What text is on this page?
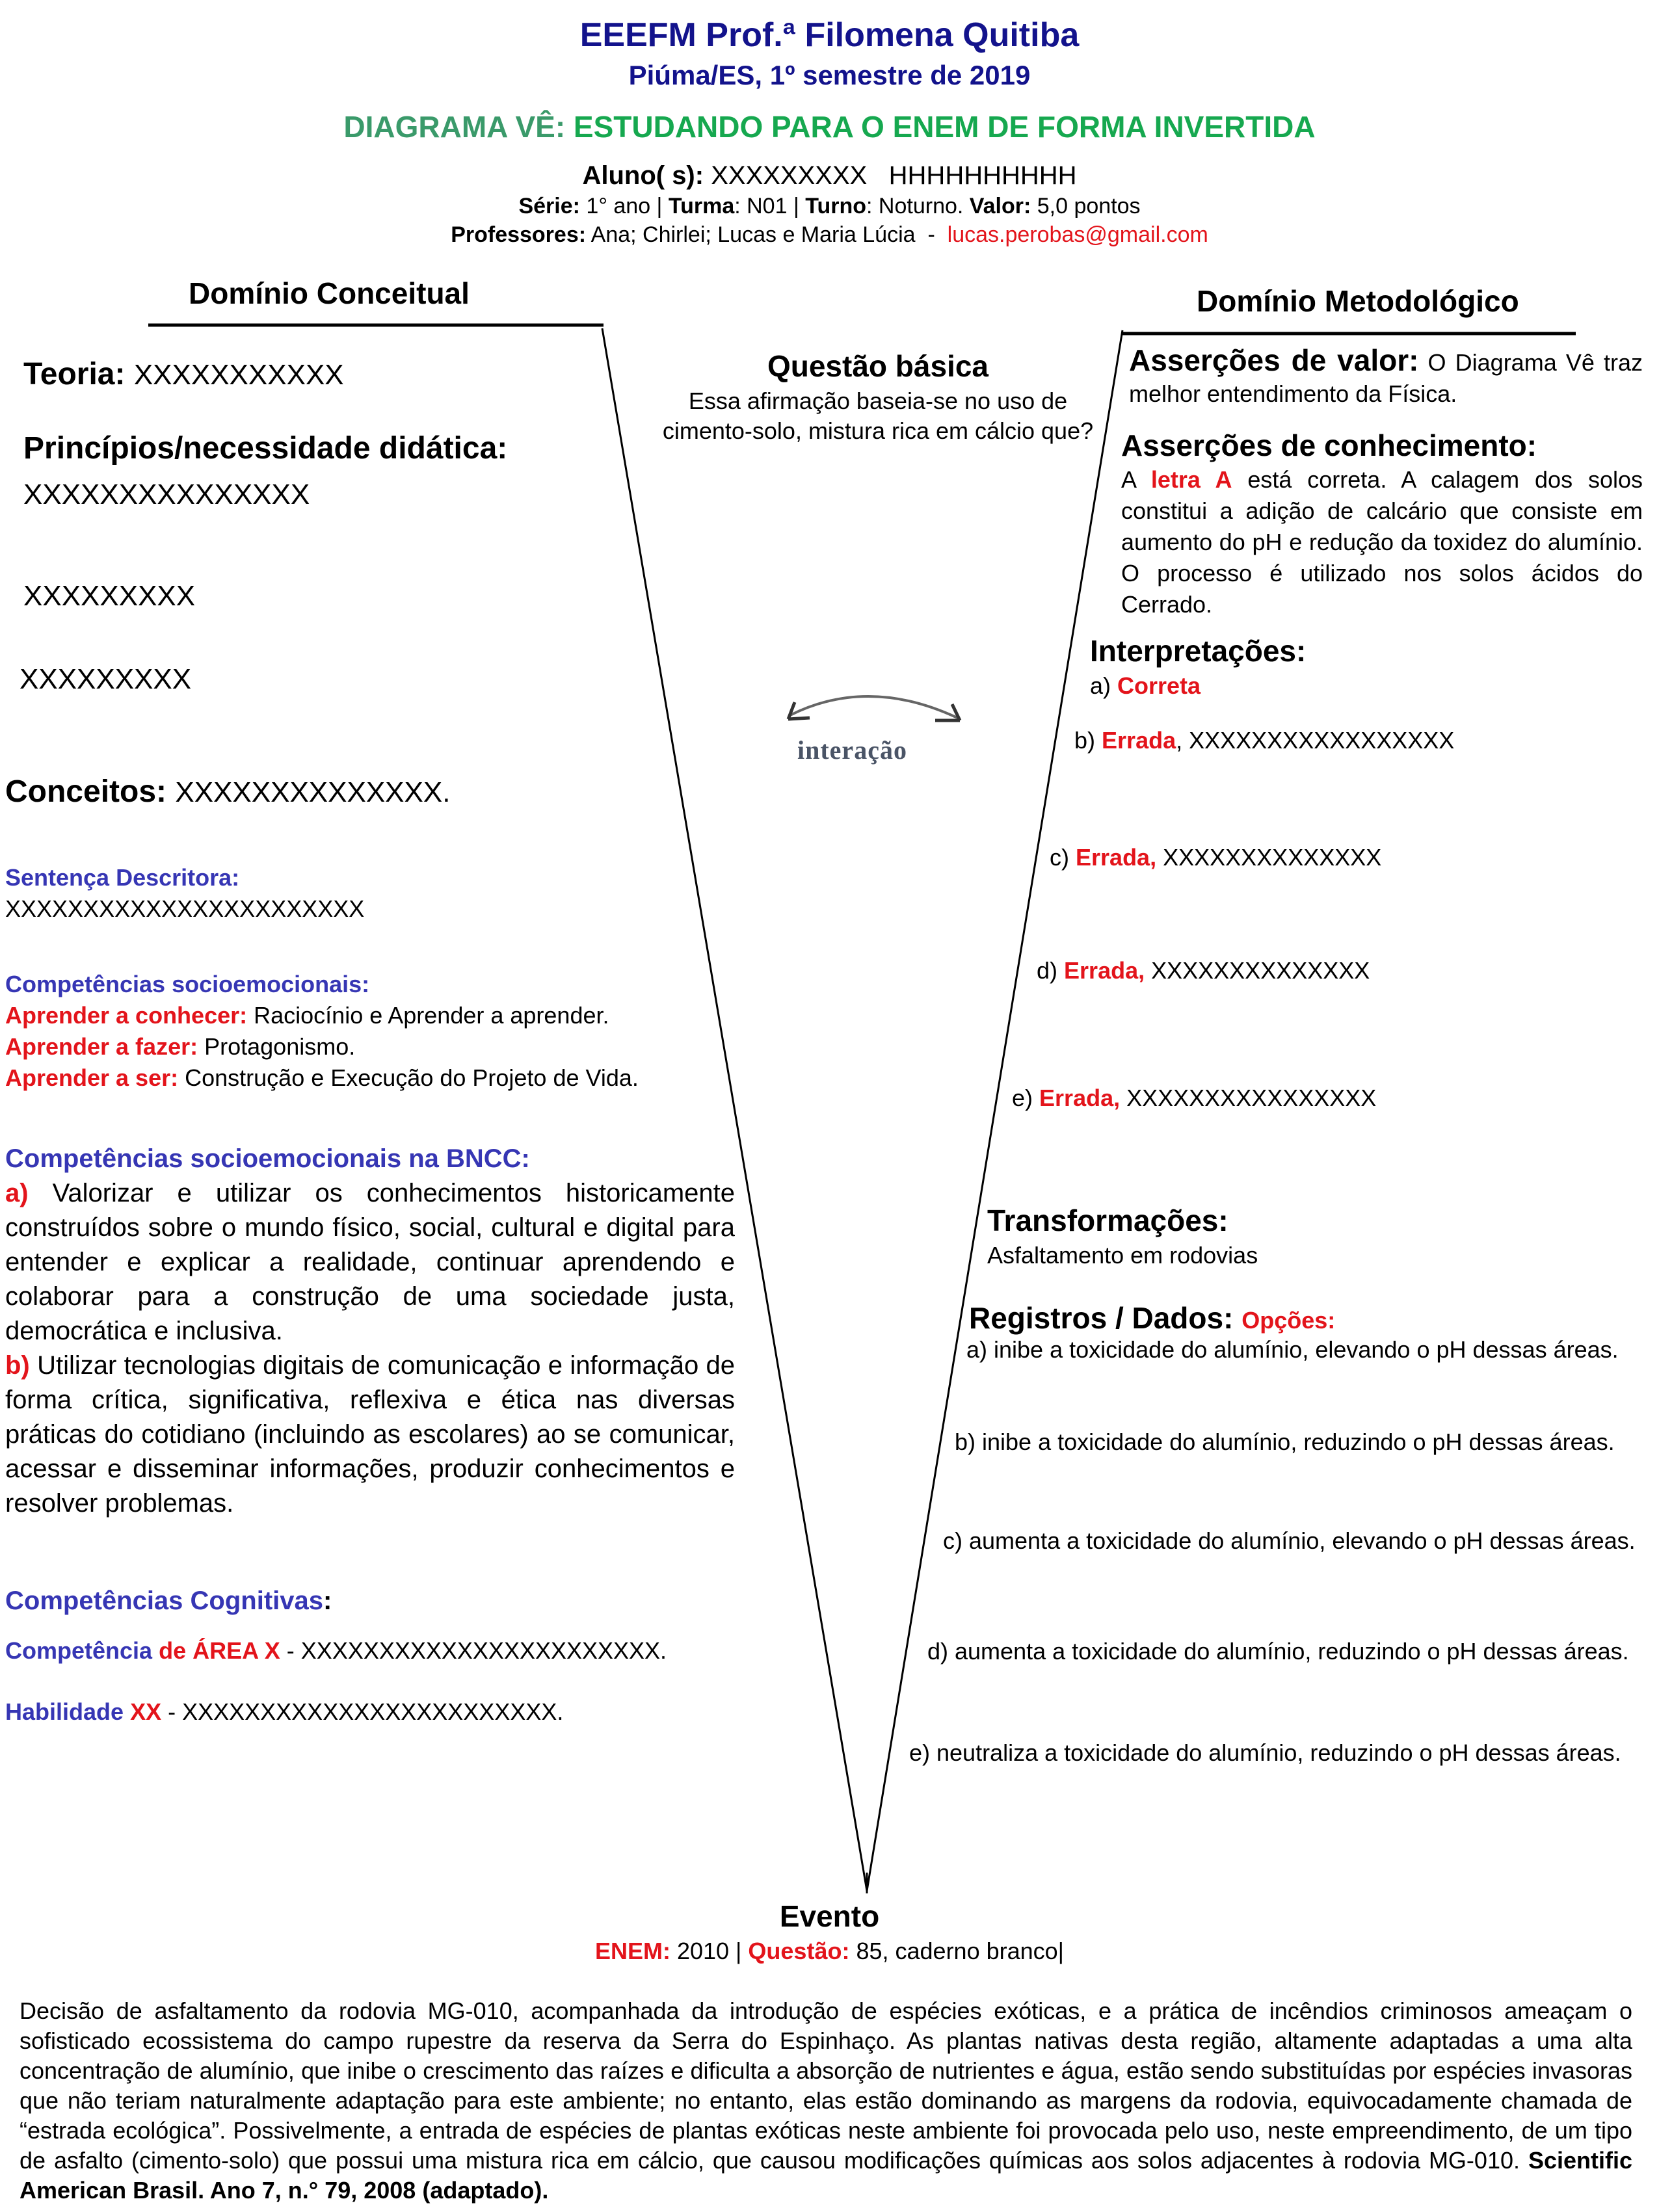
EEEFM Prof.ª Filomena Quitiba
Piúma/ES, 1º semestre de 2019
DIAGRAMA VÊ: ESTUDANDO PARA O ENEM DE FORMA INVERTIDA
Aluno( s): XXXXXXXXX   HHHHHHHHHH
Série: 1° ano | Turma: N01 | Turno: Noturno. Valor: 5,0 pontos
Professores: Ana; Chirlei; Lucas e Maria Lúcia  -  lucas.perobas@gmail.com
Domínio Conceitual	Domínio Metodológico
Teoria: XXXXXXXXXXX
Princípios/necessidade didática:
XXXXXXXXXXXXXXX
XXXXXXXXX
XXXXXXXXX
Conceitos: XXXXXXXXXXXXXX.
Sentença Descritora:
XXXXXXXXXXXXXXXXXXXXXXX
Competências socioemocionais:
Aprender a conhecer: Raciocínio e Aprender a aprender.
Aprender a fazer: Protagonismo.
Aprender a ser: Construção e Execução do Projeto de Vida.
Competências socioemocionais na BNCC:
a) Valorizar e utilizar os conhecimentos historicamente construídos sobre o mundo físico, social, cultural e digital para entender e explicar a realidade, continuar aprendendo e colaborar para a construção de uma sociedade justa, democrática e inclusiva.
b) Utilizar tecnologias digitais de comunicação e informação de forma crítica, significativa, reflexiva e ética nas diversas práticas do cotidiano (incluindo as escolares) ao se comunicar, acessar e disseminar informações, produzir conhecimentos e resolver problemas.
Competências Cognitivas:
Competência de ÁREA X - XXXXXXXXXXXXXXXXXXXXXXX.
Habilidade XX - XXXXXXXXXXXXXXXXXXXXXXXX.
Questão básica
Essa afirmação baseia-se no uso de cimento-solo, mistura rica em cálcio que?
interação
Asserções de valor: O Diagrama Vê traz melhor entendimento da Física.
Asserções de conhecimento:
A letra A está correta. A calagem dos solos constitui a adição de calcário que consiste em aumento do pH e redução da toxidez do alumínio. O processo é utilizado nos solos ácidos do Cerrado.
Interpretações:
a) Correta
b) Errada, XXXXXXXXXXXXXXXXX
c) Errada, XXXXXXXXXXXXXX
d) Errada, XXXXXXXXXXXXXX
e) Errada, XXXXXXXXXXXXXXXX
Transformações:
Asfaltamento em rodovias
Registros / Dados: Opções:
a) inibe a toxicidade do alumínio, elevando o pH dessas áreas.
b) inibe a toxicidade do alumínio, reduzindo o pH dessas áreas.
c) aumenta a toxicidade do alumínio, elevando o pH dessas áreas.
d) aumenta a toxicidade do alumínio, reduzindo o pH dessas áreas.
e) neutraliza a toxicidade do alumínio, reduzindo o pH dessas áreas.
Evento
ENEM: 2010 | Questão: 85, caderno branco|
Decisão de asfaltamento da rodovia MG-010, acompanhada da introdução de espécies exóticas, e a prática de incêndios criminosos ameaçam o sofisticado ecossistema do campo rupestre da reserva da Serra do Espinhaço. As plantas nativas desta região, altamente adaptadas a uma alta concentração de alumínio, que inibe o crescimento das raízes e dificulta a absorção de nutrientes e água, estão sendo substituídas por espécies invasoras que não teriam naturalmente adaptação para este ambiente; no entanto, elas estão dominando as margens da rodovia, equivocadamente chamada de “estrada ecológica”. Possivelmente, a entrada de espécies de plantas exóticas neste ambiente foi provocada pelo uso, neste empreendimento, de um tipo de asfalto (cimento-solo) que possui uma mistura rica em cálcio, que causou modificações químicas aos solos adjacentes à rodovia MG-010. Scientific American Brasil. Ano 7, n.° 79, 2008 (adaptado).
